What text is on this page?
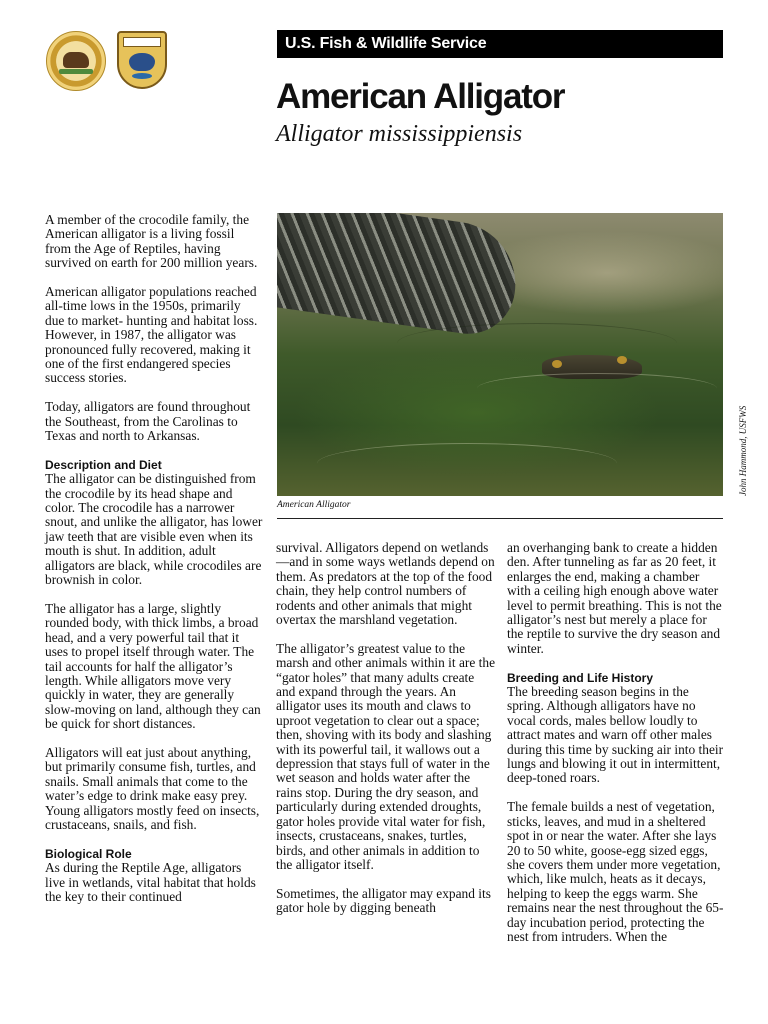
U.S. Fish & Wildlife Service
American Alligator
Alligator mississippiensis

A member of the crocodile family, the American alligator is a living fossil from the Age of Reptiles, having survived on earth for 200 million years.

American alligator populations reached all-time lows in the 1950s, primarily due to market- hunting and habitat loss. However, in 1987, the alligator was pronounced fully recovered, making it one of the first endangered species success stories.

Today, alligators are found throughout the Southeast, from the Carolinas to Texas and north to Arkansas.

Description and Diet

The alligator can be distinguished from the crocodile by its head shape and color. The crocodile has a narrower snout, and unlike the alligator, has lower jaw teeth that are visible even when its mouth is shut. In addition, adult alligators are black, while crocodiles are brownish in color.

The alligator has a large, slightly rounded body, with thick limbs, a broad head, and a very powerful tail that it uses to propel itself through water. The tail accounts for half the alligator’s length. While alligators move very quickly in water, they are generally slow-moving on land, although they can be quick for short distances.

Alligators will eat just about anything, but primarily consume fish, turtles, and snails. Small animals that come to the water’s edge to drink make easy prey. Young alligators mostly feed on insects, crustaceans, snails, and fish.

Biological Role

As during the Reptile Age, alligators live in wetlands, vital habitat that holds the key to their continued

John Hammond, USFWS
American Alligator

survival. Alligators depend on wetlands—and in some ways wetlands depend on them. As predators at the top of the food chain, they help control numbers of rodents and other animals that might overtax the marshland vegetation.

The alligator’s greatest value to the marsh and other animals within it are the “gator holes” that many adults create and expand through the years. An alligator uses its mouth and claws to uproot vegetation to clear out a space; then, shoving with its body and slashing with its powerful tail, it wallows out a depression that stays full of water in the wet season and holds water after the rains stop. During the dry season, and particularly during extended droughts, gator holes provide vital water for fish, insects, crustaceans, snakes, turtles, birds, and other animals in addition to the alligator itself.

Sometimes, the alligator may expand its gator hole by digging beneath

an overhanging bank to create a hidden den. After tunneling as far as 20 feet, it enlarges the end, making a chamber with a ceiling high enough above water level to permit breathing. This is not the alligator’s nest but merely a place for the reptile to survive the dry season and winter.

Breeding and Life History

The breeding season begins in the spring. Although alligators have no vocal cords, males bellow loudly to attract mates and warn off other males during this time by sucking air into their lungs and blowing it out in intermittent, deep-toned roars.

The female builds a nest of vegetation, sticks, leaves, and mud in a sheltered spot in or near the water. After she lays 20 to 50 white, goose-egg sized eggs, she covers them under more vegetation, which, like mulch, heats as it decays, helping to keep the eggs warm. She remains near the nest throughout the 65-day incubation period, protecting the nest from intruders. When the
